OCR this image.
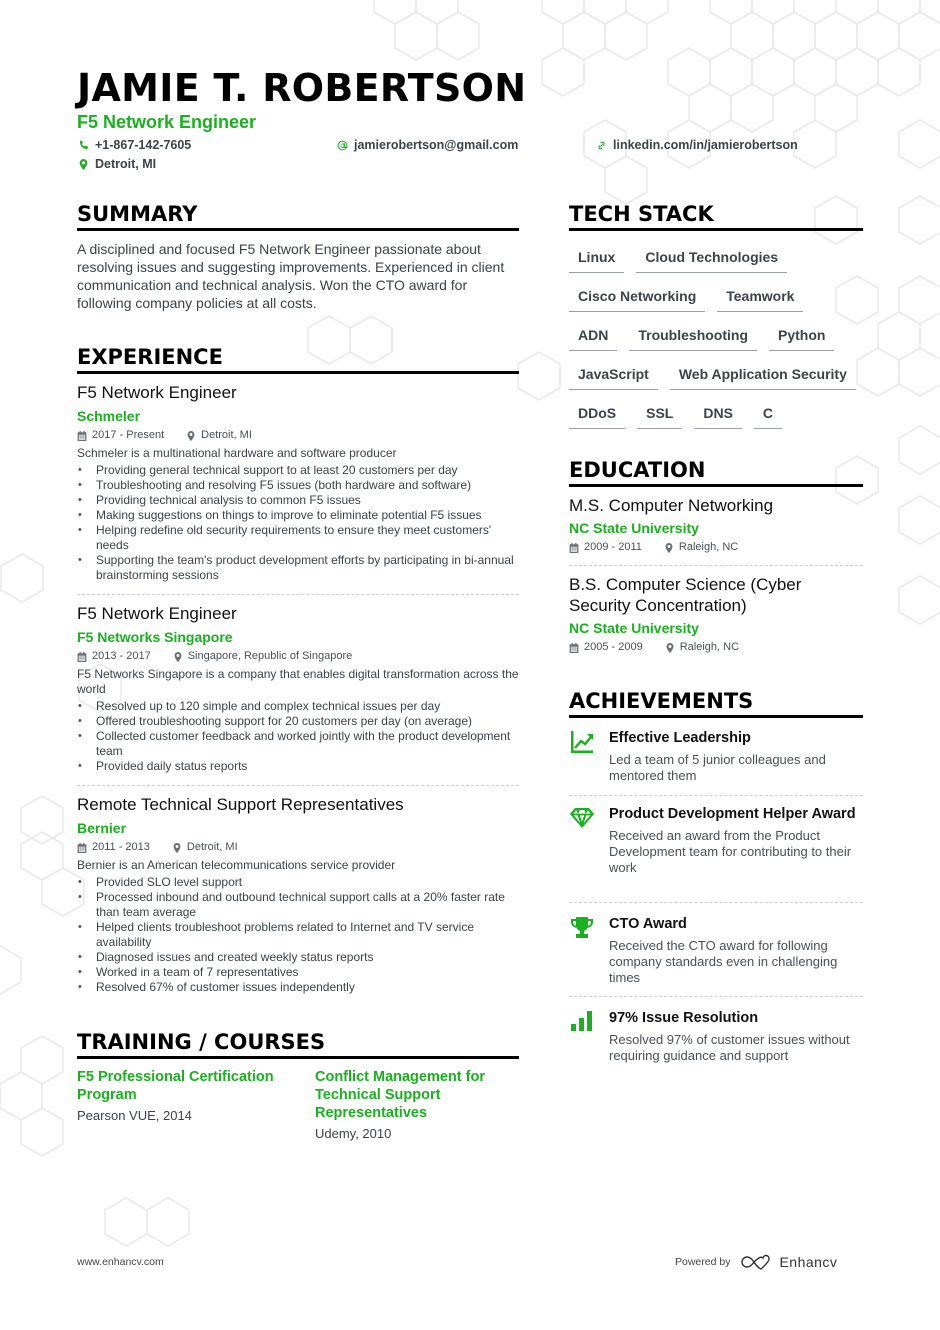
JAMIE T. ROBERTSON
F5 Network Engineer
+1-867-142-7605	jamierobertson@gmail.com	linkedin.com/in/jamierobertson
Detroit, MI
SUMMARY
A disciplined and focused F5 Network Engineer passionate about resolving issues and suggesting improvements. Experienced in client communication and technical analysis. Won the CTO award for following company policies at all costs.
EXPERIENCE
F5 Network Engineer
Schmeler
2017 - Present	Detroit, MI
Schmeler is a multinational hardware and software producer
• Providing general technical support to at least 20 customers per day
• Troubleshooting and resolving F5 issues (both hardware and software)
• Providing technical analysis to common F5 issues
• Making suggestions on things to improve to eliminate potential F5 issues
• Helping redefine old security requirements to ensure they meet customers' needs
• Supporting the team's product development efforts by participating in bi-annual brainstorming sessions
F5 Network Engineer
F5 Networks Singapore
2013 - 2017	Singapore, Republic of Singapore
F5 Networks Singapore is a company that enables digital transformation across the world
• Resolved up to 120 simple and complex technical issues per day
• Offered troubleshooting support for 20 customers per day (on average)
• Collected customer feedback and worked jointly with the product development team
• Provided daily status reports
Remote Technical Support Representatives
Bernier
2011 - 2013	Detroit, MI
Bernier is an American telecommunications service provider
• Provided SLO level support
• Processed inbound and outbound technical support calls at a 20% faster rate than team average
• Helped clients troubleshoot problems related to Internet and TV service availability
• Diagnosed issues and created weekly status reports
• Worked in a team of 7 representatives
• Resolved 67% of customer issues independently
TRAINING / COURSES
F5 Professional Certification Program
Pearson VUE, 2014
Conflict Management for Technical Support Representatives
Udemy, 2010
TECH STACK
Linux	Cloud Technologies
Cisco Networking	Teamwork
ADN	Troubleshooting	Python
JavaScript	Web Application Security
DDoS	SSL	DNS	C
EDUCATION
M.S. Computer Networking
NC State University
2009 - 2011	Raleigh, NC
B.S. Computer Science (Cyber Security Concentration)
NC State University
2005 - 2009	Raleigh, NC
ACHIEVEMENTS
Effective Leadership
Led a team of 5 junior colleagues and mentored them
Product Development Helper Award
Received an award from the Product Development team for contributing to their work
CTO Award
Received the CTO award for following company standards even in challenging times
97% Issue Resolution
Resolved 97% of customer issues without requiring guidance and support
www.enhancv.com	Powered by	Enhancv
